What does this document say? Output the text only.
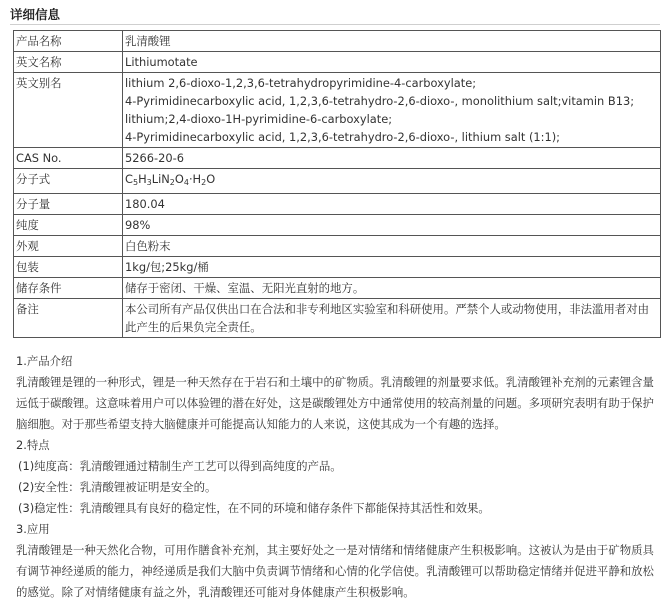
详细信息
产品名称	乳清酸锂
英文名称	Lithiumotate
英文别名	lithium 2,6-dioxo-1,2,3,6-tetrahydropyrimidine-4-carboxylate;
4-Pyrimidinecarboxylic acid, 1,2,3,6-tetrahydro-2,6-dioxo-, monolithium salt;vitamin B13;
lithium;2,4-dioxo-1H-pyrimidine-6-carboxylate;
4-Pyrimidinecarboxylic acid, 1,2,3,6-tetrahydro-2,6-dioxo-, lithium salt (1:1);

CAS No.	5266-20-6
分子式	$C_5H_3LiN_2O_4\cdot H_2O$
分子量	180.04
纯度	98%
外观	白色粉末
包装	1kg/包;25kg/桶
储存条件	储存于密闭、干燥、室温、无阳光直射的地方。
备注	本公司所有产品仅供出口在合法和非专利地区实验室和科研使用。严禁个人或动物使用，非法滥用者对由此产生的后果负完全责任。

1.产品介绍

乳清酸锂是锂的一种形式，锂是一种天然存在于岩石和土壤中的矿物质。乳清酸锂的剂量要求低。乳清酸锂补充剂的元素锂含量远低于碳酸锂。这意味着用户可以体验锂的潜在好处，这是碳酸锂处方中通常使用的较高剂量的问题。多项研究表明有助于保护脑细胞。对于那些希望支持大脑健康并可能提高认知能力的人来说，这使其成为一个有趣的选择。

2.特点

(1)纯度高：乳清酸锂通过精制生产工艺可以得到高纯度的产品。

(2)安全性：乳清酸锂被证明是安全的。

(3)稳定性：乳清酸锂具有良好的稳定性，在不同的环境和储存条件下都能保持其活性和效果。

3.应用

乳清酸锂是一种天然化合物，可用作膳食补充剂，其主要好处之一是对情绪和情绪健康产生积极影响。这被认为是由于矿物质具有调节神经递质的能力，神经递质是我们大脑中负责调节情绪和心情的化学信使。乳清酸锂可以帮助稳定情绪并促进平静和放松的感觉。除了对情绪健康有益之外，乳清酸锂还可能对身体健康产生积极影响。
